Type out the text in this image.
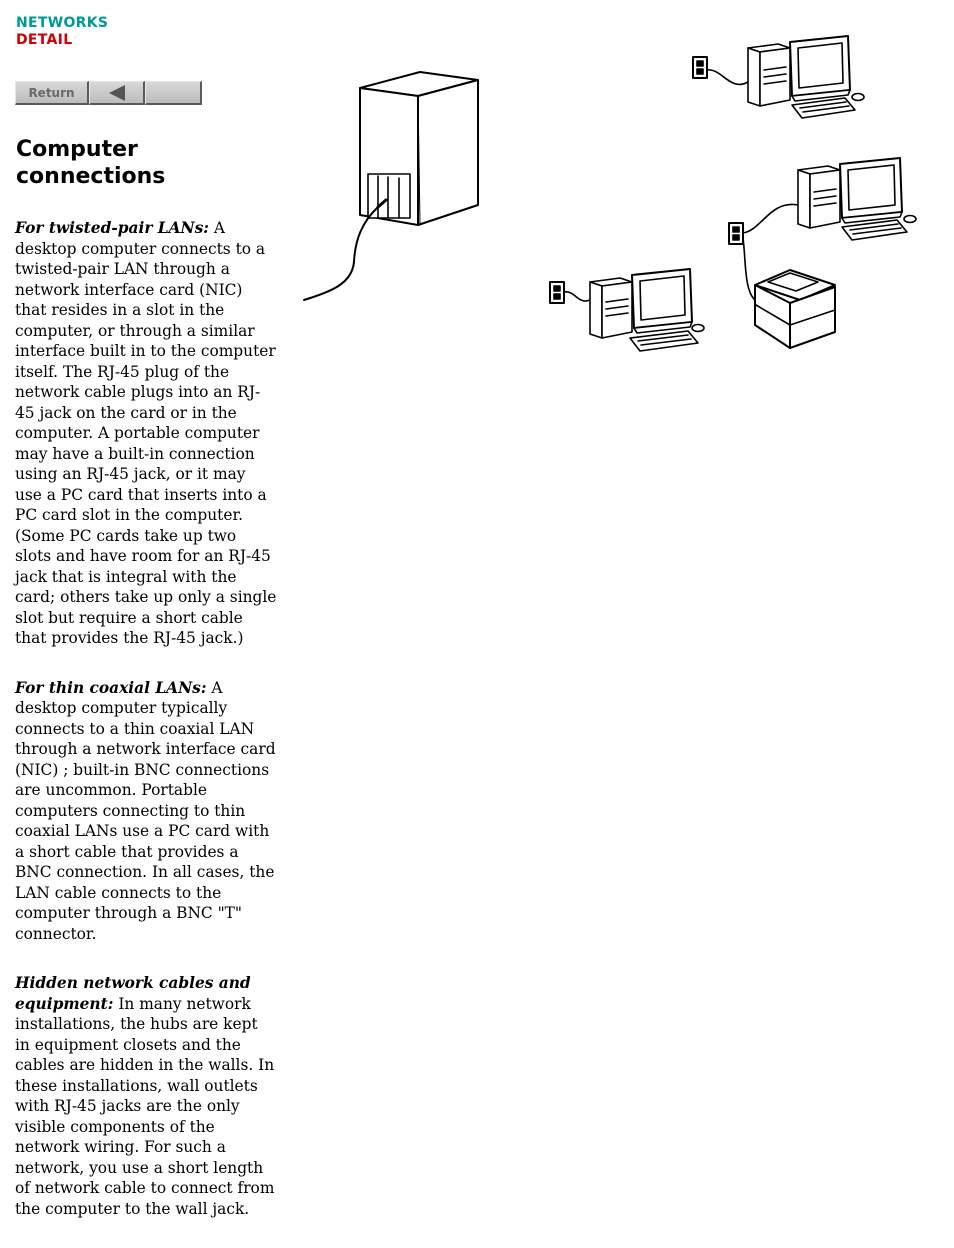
NETWORKS
DETAIL
Return
Computer connections

For twisted-pair LANs: A desktop computer connects to a twisted-pair LAN through a network interface card (NIC) that resides in a slot in the computer, or through a similar interface built in to the computer itself. The RJ-45 plug of the network cable plugs into an RJ-45 jack on the card or in the computer. A portable computer may have a built-in connection using an RJ-45 jack, or it may use a PC card that inserts into a PC card slot in the computer. (Some PC cards take up two slots and have room for an RJ-45 jack that is integral with the card; others take up only a single slot but require a short cable that provides the RJ-45 jack.)

For thin coaxial LANs: A desktop computer typically connects to a thin coaxial LAN through a network interface card (NIC) ; built-in BNC connections are uncommon. Portable computers connecting to thin coaxial LANs use a PC card with a short cable that provides a BNC connection. In all cases, the LAN cable connects to the computer through a BNC "T" connector.

Hidden network cables and equipment: In many network installations, the hubs are kept in equipment closets and the cables are hidden in the walls. In these installations, wall outlets with RJ-45 jacks are the only visible components of the network wiring. For such a network, you use a short length of network cable to connect from the computer to the wall jack.
